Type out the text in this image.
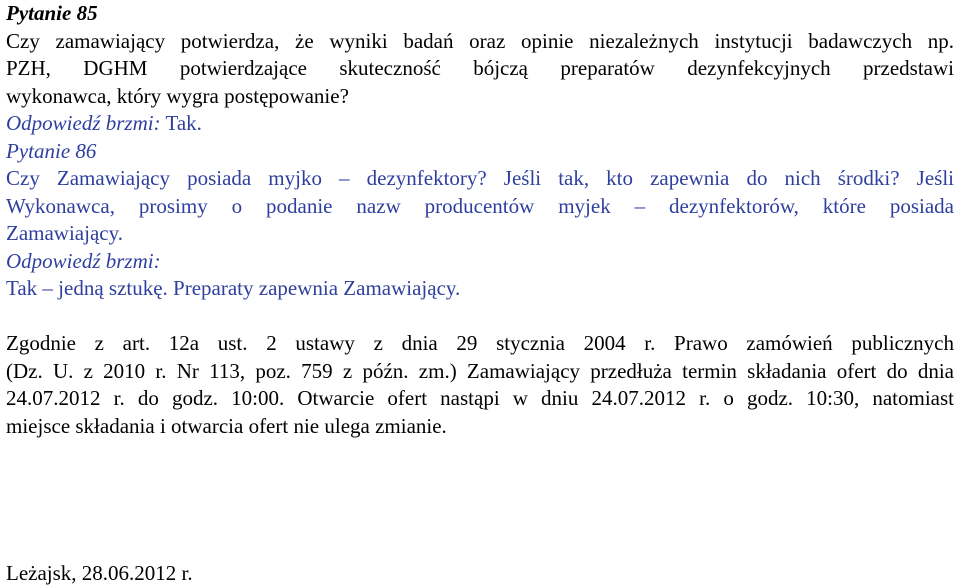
Pytanie 85
Czy zamawiający potwierdza, że wyniki badań oraz opinie niezależnych instytucji badawczych np.
PZH, DGHM potwierdzające skuteczność bójczą preparatów dezynfekcyjnych przedstawi
wykonawca, który wygra postępowanie?
Odpowiedź brzmi: Tak.
Pytanie 86
Czy Zamawiający posiada myjko – dezynfektory? Jeśli tak, kto zapewnia do nich środki? Jeśli
Wykonawca, prosimy o podanie nazw producentów myjek – dezynfektorów, które posiada
Zamawiający.
Odpowiedź brzmi:
Tak – jedną sztukę. Preparaty zapewnia Zamawiający.
Zgodnie z art. 12a ust. 2 ustawy z dnia 29 stycznia 2004 r. Prawo zamówień publicznych
(Dz. U. z 2010 r. Nr 113, poz. 759 z późn. zm.) Zamawiający przedłuża termin składania ofert do dnia
24.07.2012 r. do godz. 10:00. Otwarcie ofert nastąpi w dniu 24.07.2012 r. o godz. 10:30, natomiast
miejsce składania i otwarcia ofert nie ulega zmianie.
Leżajsk, 28.06.2012 r.
